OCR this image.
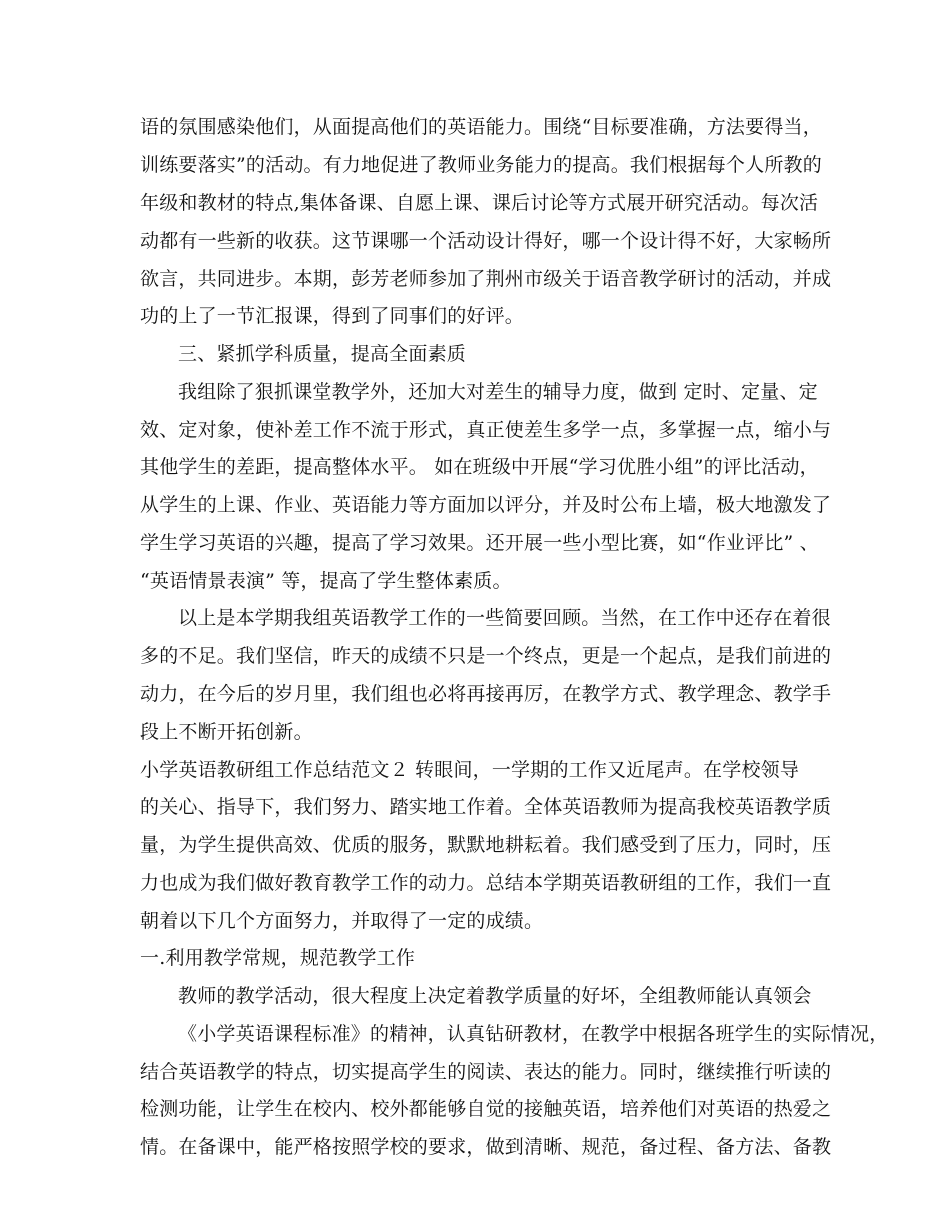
语的氛围感染他们，从面提高他们的英语能力。围绕“目标要准确，方法要得当，
训练要落实”的活动。有力地促进了教师业务能力的提高。我们根据每个人所教的
年级和教材的特点,集体备课、自愿上课、课后讨论等方式展开研究活动。每次活
动都有一些新的收获。这节课哪一个活动设计得好，哪一个设计得不好，大家畅所
欲言，共同进步。本期，彭芳老师参加了荆州市级关于语音教学研讨的活动，并成
功的上了一节汇报课，得到了同事们的好评。
三、紧抓学科质量，提高全面素质
我组除了狠抓课堂教学外，还加大对差生的辅导力度，做到 定时、定量、定
效、定对象，使补差工作不流于形式，真正使差生多学一点，多掌握一点，缩小与
其他学生的差距，提高整体水平。 如在班级中开展“学习优胜小组”的评比活动，
从学生的上课、作业、英语能力等方面加以评分，并及时公布上墙，极大地激发了
学生学习英语的兴趣，提高了学习效果。还开展一些小型比赛，如“作业评比” 、
“英语情景表演” 等，提高了学生整体素质。
以上是本学期我组英语教学工作的一些简要回顾。当然，在工作中还存在着很
多的不足。我们坚信，昨天的成绩不只是一个终点，更是一个起点，是我们前进的
动力，在今后的岁月里，我们组也必将再接再厉，在教学方式、教学理念、教学手
段上不断开拓创新。
小学英语教研组工作总结范文２ 转眼间，一学期的工作又近尾声。在学校领导
的关心、指导下，我们努力、踏实地工作着。全体英语教师为提高我校英语教学质
量，为学生提供高效、优质的服务，默默地耕耘着。我们感受到了压力，同时，压
力也成为我们做好教育教学工作的动力。总结本学期英语教研组的工作，我们一直
朝着以下几个方面努力，并取得了一定的成绩。
一.利用教学常规，规范教学工作
教师的教学活动，很大程度上决定着教学质量的好坏，全组教师能认真领会
《小学英语课程标准》的精神，认真钻研教材，在教学中根据各班学生的实际情况，
结合英语教学的特点，切实提高学生的阅读、表达的能力。同时，继续推行听读的
检测功能，让学生在校内、校外都能够自觉的接触英语，培养他们对英语的热爱之
情。在备课中，能严格按照学校的要求，做到清晰、规范，备过程、备方法、备教
